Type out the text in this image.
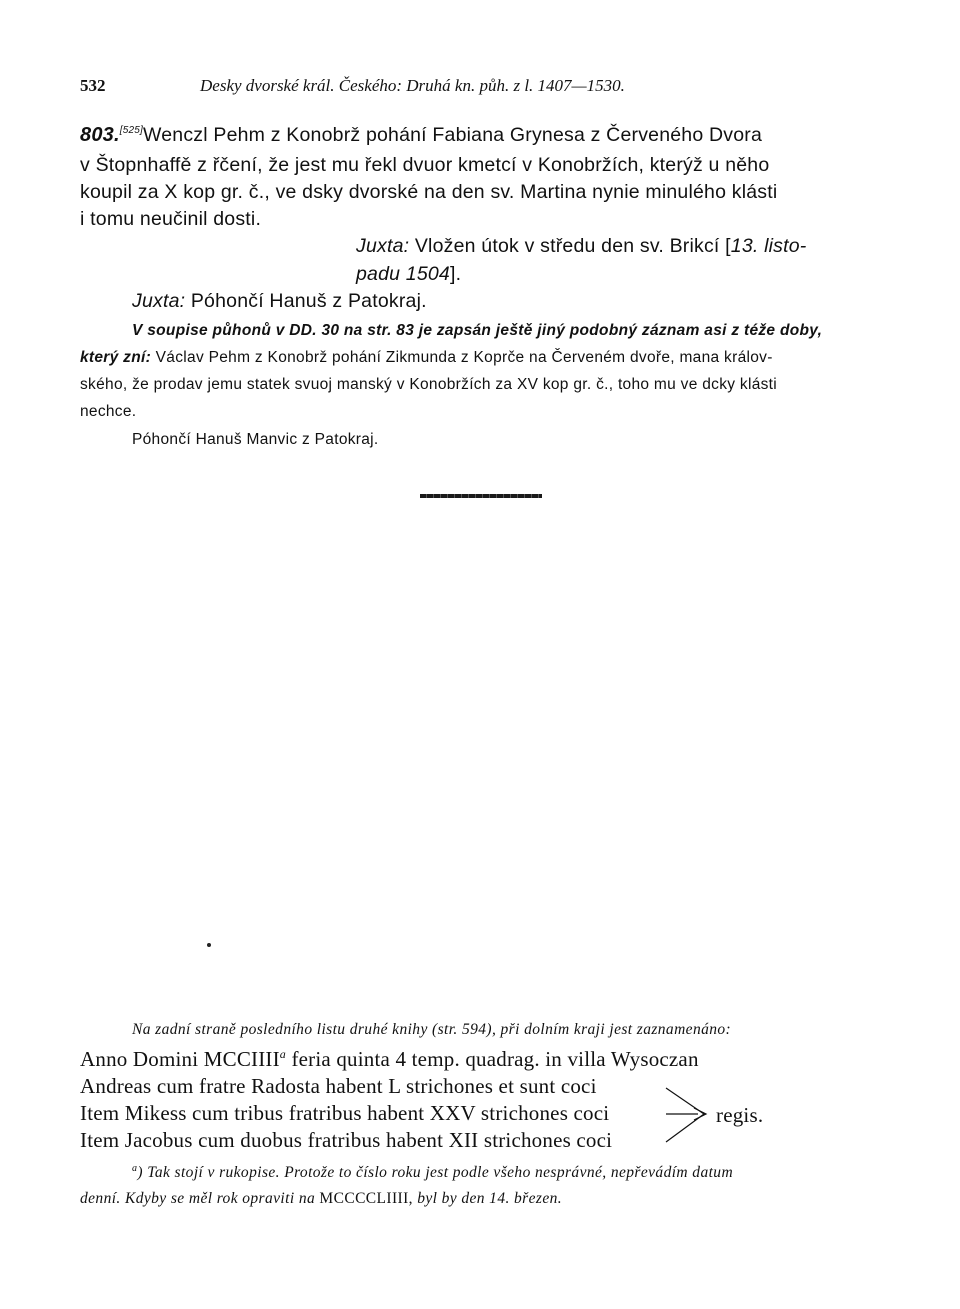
532	Desky dvorské král. Českého: Druhá kn. půh. z l. 1407—1530.
803.[525]Wenczl Pehm z Konobrž pohání Fabiana Grynesa z Červeného Dvora
v Štopnhaffě z řčení, že jest mu řekl dvuor kmetcí v Konobržích, kterýž u něho
koupil za X kop gr. č., ve dsky dvorské na den sv. Martina nynie minulého klásti
i tomu neučinil dosti.
Juxta: Vložen útok v středu den sv. Brikcí [13. listo-
padu 1504].
Juxta: Póhončí Hanuš z Patokraj.
V soupise půhonů v DD. 30 na str. 83 je zapsán ještě jiný podobný záznam asi z téže doby,
který zní: Václav Pehm z Konobrž pohání Zikmunda z Koprče na Červeném dvoře, mana králov-
ského, že prodav jemu statek svuoj manský v Konobržích za XV kop gr. č., toho mu ve dcky klásti
nechce.
Póhončí Hanuš Manvic z Patokraj.
Na zadní straně posledního listu druhé knihy (str. 594), při dolním kraji jest zaznamenáno:
Anno Domini MCCIIII$^a$ feria quinta 4 temp. quadrag. in villa Wysoczan
Andreas cum fratre Radosta habent L strichones et sunt coci
Item Mikess cum tribus fratribus habent XXV strichones coci
Item Jacobus cum duobus fratribus habent XII strichones coci
regis.
$^a$) Tak stojí v rukopise. Protože to číslo roku jest podle všeho nesprávné, nepřevádím datum
denní. Kdyby se měl rok opraviti na MCCCCLIIII, byl by den 14. březen.
